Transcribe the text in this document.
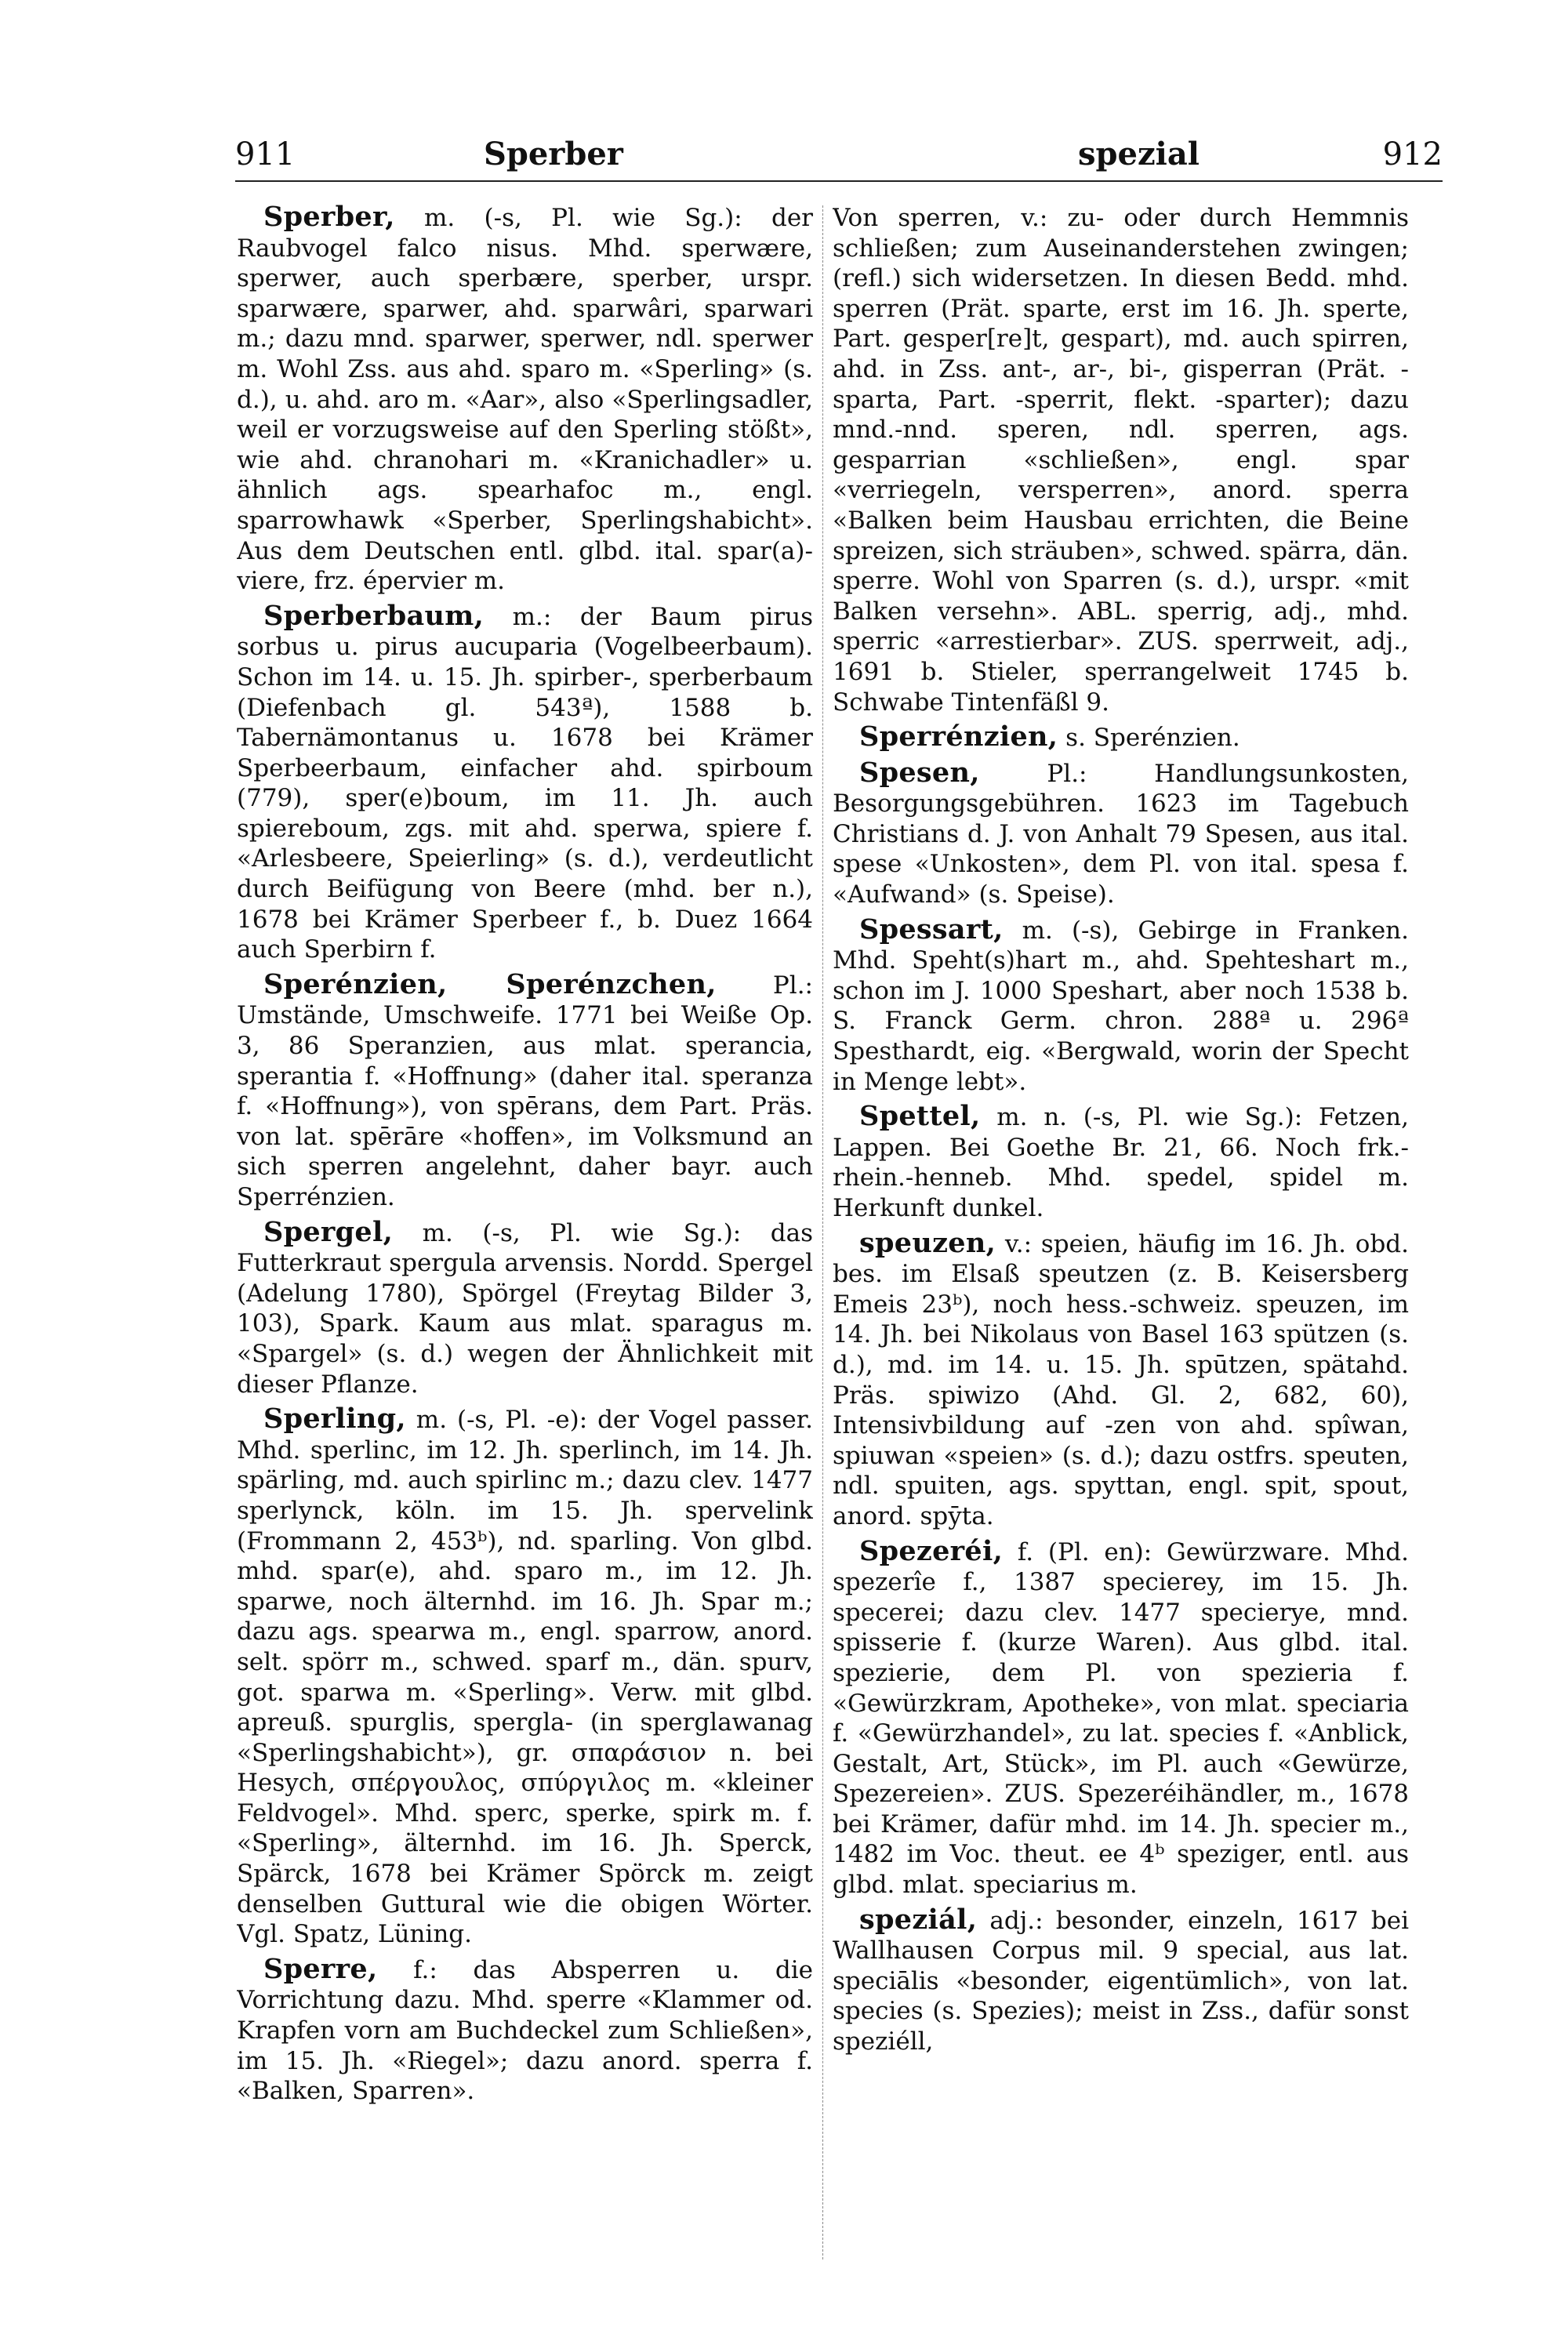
911	Sperber	spezial	912

Sperber, m. (-s, Pl. wie Sg.): der Raubvogel falco nisus. Mhd. sperwære, sperwer, auch sperbære, sperber, urspr. sparwære, sparwer, ahd. sparwâri, sparwari m.; dazu mnd. sparwer, sperwer, ndl. sperwer m. Wohl Zss. aus ahd. sparo m. «Sperling» (s. d.), u. ahd. aro m. «Aar», also «Sperlingsadler, weil er vorzugsweise auf den Sperling stößt», wie ahd. chranohari m. «Kranichadler» u. ähnlich ags. spearhafoc m., engl. sparrowhawk «Sperber, Sperlingshabicht». Aus dem Deutschen entl. glbd. ital. spar(a)-viere, frz. épervier m.

Sperberbaum, m.: der Baum pirus sorbus u. pirus aucuparia (Vogelbeerbaum). Schon im 14. u. 15. Jh. spirber-, sperberbaum (Diefenbach gl. 543ª), 1588 b. Tabernämontanus u. 1678 bei Krämer Sperbeerbaum, einfacher ahd. spirboum (779), sper(e)boum, im 11. Jh. auch spiereboum, zgs. mit ahd. sperwa, spiere f. «Arlesbeere, Speierling» (s. d.), verdeutlicht durch Beifügung von Beere (mhd. ber n.), 1678 bei Krämer Sperbeer f., b. Duez 1664 auch Sperbirn f.

Sperénzien, Sperénzchen, Pl.: Umstände, Umschweife. 1771 bei Weiße Op. 3, 86 Speranzien, aus mlat. sperancia, sperantia f. «Hoffnung» (daher ital. speranza f. «Hoffnung»), von spērans, dem Part. Präs. von lat. spērāre «hoffen», im Volksmund an sich sperren angelehnt, daher bayr. auch Sperrénzien.

Spergel, m. (-s, Pl. wie Sg.): das Futterkraut spergula arvensis. Nordd. Spergel (Adelung 1780), Spörgel (Freytag Bilder 3, 103), Spark. Kaum aus mlat. sparagus m. «Spargel» (s. d.) wegen der Ähnlichkeit mit dieser Pflanze.

Sperling, m. (-s, Pl. -e): der Vogel passer. Mhd. sperlinc, im 12. Jh. sperlinch, im 14. Jh. spärling, md. auch spirlinc m.; dazu clev. 1477 sperlynck, köln. im 15. Jh. spervelink (Frommann 2, 453ᵇ), nd. sparling. Von glbd. mhd. spar(e), ahd. sparo m., im 12. Jh. sparwe, noch älternhd. im 16. Jh. Spar m.; dazu ags. spearwa m., engl. sparrow, anord. selt. spörr m., schwed. sparf m., dän. spurv, got. sparwa m. «Sperling». Verw. mit glbd. apreuß. spurglis, spergla- (in sperglawanag «Sperlingshabicht»), gr. σπαράσιον n. bei Hesych, σπέργουλος, σπύργιλος m. «kleiner Feldvogel». Mhd. sperc, sperke, spirk m. f. «Sperling», älternhd. im 16. Jh. Sperck, Spärck, 1678 bei Krämer Spörck m. zeigt denselben Guttural wie die obigen Wörter. Vgl. Spatz, Lüning.

Sperre, f.: das Absperren u. die Vorrichtung dazu. Mhd. sperre «Klammer od. Krapfen vorn am Buchdeckel zum Schließen», im 15. Jh. «Riegel»; dazu anord. sperra f. «Balken, Sparren».

Von sperren, v.: zu- oder durch Hemmnis schließen; zum Auseinanderstehen zwingen; (refl.) sich widersetzen. In diesen Bedd. mhd. sperren (Prät. sparte, erst im 16. Jh. sperte, Part. gesper[re]t, gespart), md. auch spirren, ahd. in Zss. ant-, ar-, bi-, gisperran (Prät. -sparta, Part. -sperrit, flekt. -sparter); dazu mnd.-nnd. speren, ndl. sperren, ags. gesparrian «schließen», engl. spar «verriegeln, versperren», anord. sperra «Balken beim Hausbau errichten, die Beine spreizen, sich sträuben», schwed. spärra, dän. sperre. Wohl von Sparren (s. d.), urspr. «mit Balken versehn». ABL. sperrig, adj., mhd. sperric «arrestierbar». ZUS. sperrweit, adj., 1691 b. Stieler, sperrangelweit 1745 b. Schwabe Tintenfäßl 9.

Sperrénzien, s. Sperénzien.

Spesen,	Pl.: Handlungsunkosten, Besorgungsgebühren. 1623 im Tagebuch Christians d. J. von Anhalt 79 Spesen, aus ital. spese «Unkosten», dem Pl. von ital. spesa f. «Aufwand» (s. Speise).

Spessart, m. (-s), Gebirge in Franken. Mhd. Speht(s)hart m., ahd. Spehteshart m., schon im J. 1000 Speshart, aber noch 1538 b. S. Franck Germ. chron. 288ª u. 296ª Spesthardt, eig. «Bergwald, worin der Specht in Menge lebt».

Spettel, m. n. (-s, Pl. wie Sg.): Fetzen, Lappen. Bei Goethe Br. 21, 66. Noch frk.-rhein.-henneb. Mhd. spedel, spidel m. Herkunft dunkel.

speuzen, v.: speien, häufig im 16. Jh. obd. bes. im Elsaß speutzen (z. B. Keisersberg Emeis 23ᵇ), noch hess.-schweiz. speuzen, im 14. Jh. bei Nikolaus von Basel 163 spützen (s. d.), md. im 14. u. 15. Jh. spūtzen, spätahd. Präs. spiwizo (Ahd. Gl. 2, 682, 60), Intensivbildung auf -zen von ahd. spîwan, spiuwan «speien» (s. d.); dazu ostfrs. speuten, ndl. spuiten, ags. spyttan, engl. spit, spout, anord. spȳta.

Spezeréi, f. (Pl. en): Gewürzware. Mhd. spezerîe f., 1387 specierey, im 15. Jh. specerei; dazu clev. 1477 specierye, mnd. spisserie f. (kurze Waren). Aus glbd. ital. spezierie, dem Pl. von spezieria f. «Gewürzkram, Apotheke», von mlat. speciaria f. «Gewürzhandel», zu lat. species f. «Anblick, Gestalt, Art, Stück», im Pl. auch «Gewürze, Spezereien». ZUS. Spezeréihändler, m., 1678 bei Krämer, dafür mhd. im 14. Jh. specier m., 1482 im Voc. theut. ee 4ᵇ speziger, entl. aus glbd. mlat. speciarius m.

speziál, adj.: besonder, einzeln, 1617 bei Wallhausen Corpus mil. 9 special, aus lat. speciālis «besonder, eigentümlich», von lat. species (s. Spezies); meist in Zss., dafür sonst speziéll,
